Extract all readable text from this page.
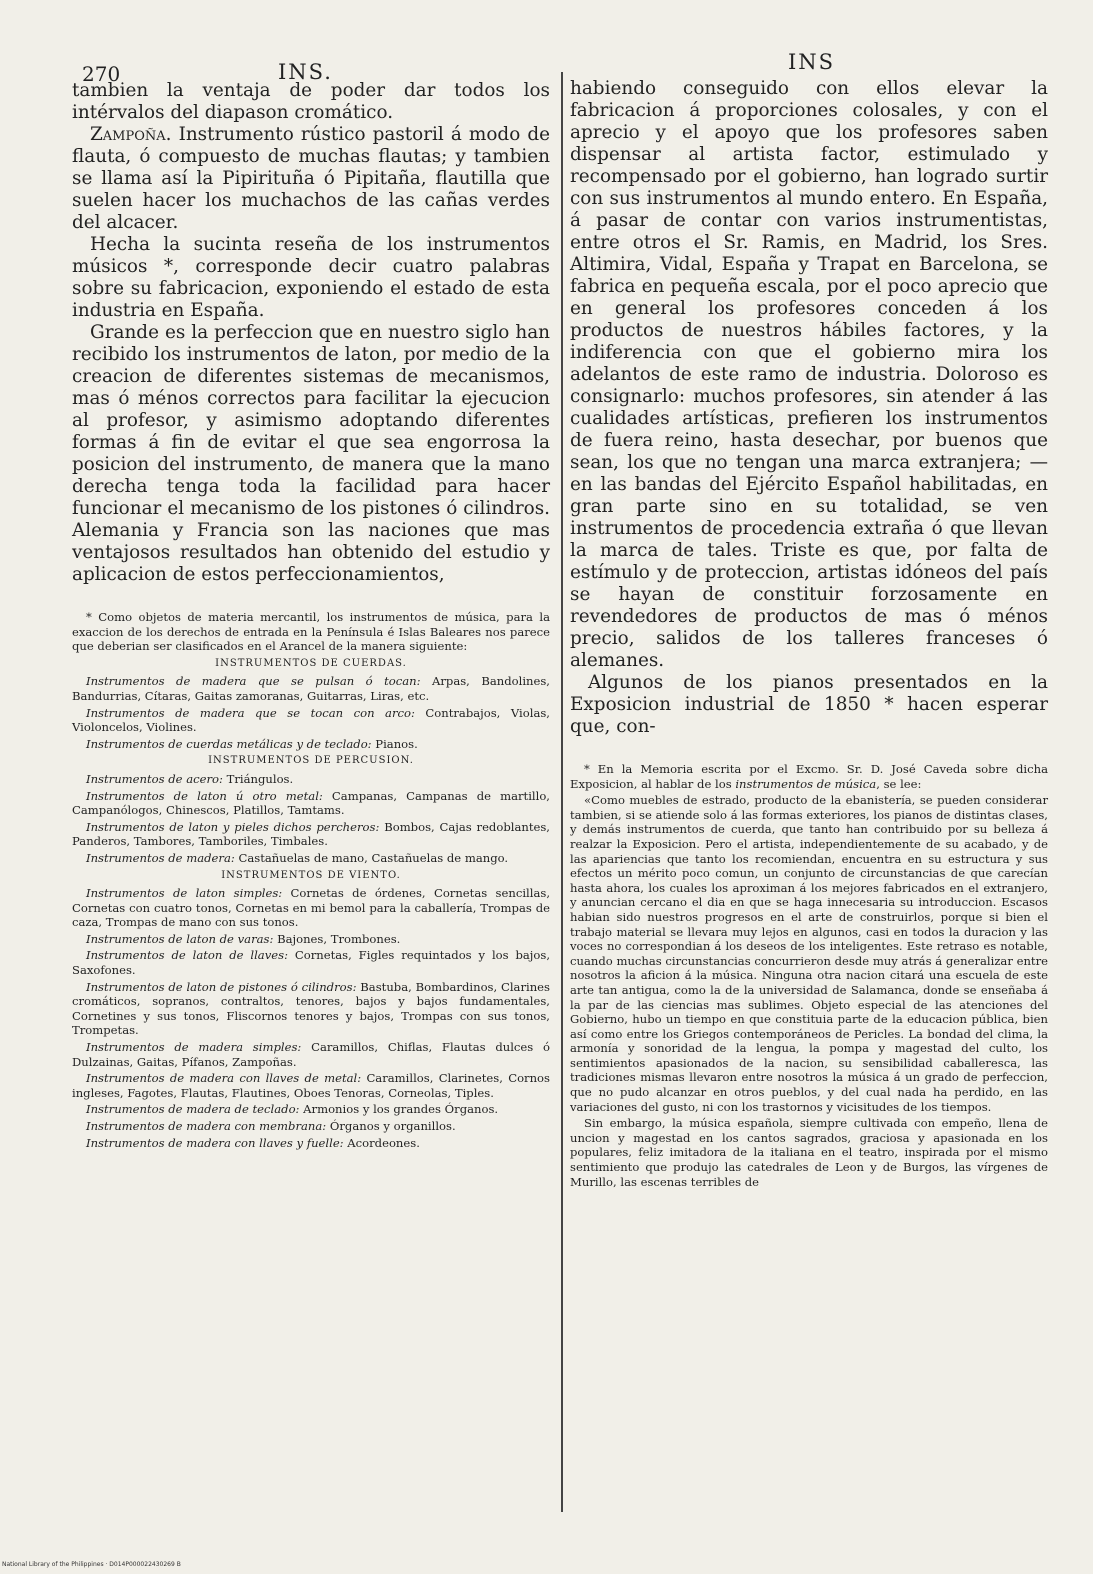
270	INS.	INS

tambien la ventaja de poder dar todos los intérvalos del diapason cromático.

Zampoña. Instrumento rústico pastoril á modo de flauta, ó compuesto de muchas flautas; y tambien se llama así la Pipirituña ó Pipitaña, flautilla que suelen hacer los muchachos de las cañas verdes del alcacer.

Hecha la sucinta reseña de los instrumentos músicos *, corresponde decir cuatro palabras sobre su fabricacion, exponiendo el estado de esta industria en España.

Grande es la perfeccion que en nuestro siglo han recibido los instrumentos de laton, por medio de la creacion de diferentes sistemas de mecanismos, mas ó ménos correctos para facilitar la ejecucion al profesor, y asimismo adoptando diferentes formas á fin de evitar el que sea engorrosa la posicion del instrumento, de manera que la mano derecha tenga toda la facilidad para hacer funcionar el mecanismo de los pistones ó cilindros. Alemania y Francia son las naciones que mas ventajosos resultados han obtenido del estudio y aplicacion de estos perfeccionamientos,

* Como objetos de materia mercantil, los instrumentos de música, para la exaccion de los derechos de entrada en la Península é Islas Baleares nos parece que deberian ser clasificados en el Arancel de la manera siguiente:

INSTRUMENTOS DE CUERDAS.

Instrumentos de madera que se pulsan ó tocan: Arpas, Bandolines, Bandurrias, Cítaras, Gaitas zamoranas, Guitarras, Liras, etc.

Instrumentos de madera que se tocan con arco: Contrabajos, Violas, Violoncelos, Violines.

Instrumentos de cuerdas metálicas y de teclado: Pianos.

INSTRUMENTOS DE PERCUSION.

Instrumentos de acero: Triángulos.

Instrumentos de laton ú otro metal: Campanas, Campanas de martillo, Campanólogos, Chinescos, Platillos, Tamtams.

Instrumentos de laton y pieles dichos percheros: Bombos, Cajas redoblantes, Panderos, Tambores, Tamboriles, Timbales.

Instrumentos de madera: Castañuelas de mano, Castañuelas de mango.

INSTRUMENTOS DE VIENTO.

Instrumentos de laton simples: Cornetas de órdenes, Cornetas sencillas, Cornetas con cuatro tonos, Cornetas en mi bemol para la caballería, Trompas de caza, Trompas de mano con sus tonos.

Instrumentos de laton de varas: Bajones, Trombones.

Instrumentos de laton de llaves: Cornetas, Figles requintados y los bajos, Saxofones.

Instrumentos de laton de pistones ó cilindros: Bastuba, Bombardinos, Clarines cromáticos, sopranos, contraltos, tenores, bajos y bajos fundamentales, Cornetines y sus tonos, Fliscornos tenores y bajos, Trompas con sus tonos, Trompetas.

Instrumentos de madera simples: Caramillos, Chiflas, Flautas dulces ó Dulzainas, Gaitas, Pífanos, Zampoñas.

Instrumentos de madera con llaves de metal: Caramillos, Clarinetes, Cornos ingleses, Fagotes, Flautas, Flautines, Oboes Tenoras, Corneolas, Tiples.

Instrumentos de madera de teclado: Armonios y los grandes Órganos.

Instrumentos de madera con membrana: Órganos y organillos.

Instrumentos de madera con llaves y fuelle: Acordeones.

habiendo conseguido con ellos elevar la fabricacion á proporciones colosales, y con el aprecio y el apoyo que los profesores saben dispensar al artista factor, estimulado y recompensado por el gobierno, han logrado surtir con sus instrumentos al mundo entero. En España, á pasar de contar con varios instrumentistas, entre otros el Sr. Ramis, en Madrid, los Sres. Altimira, Vidal, España y Trapat en Barcelona, se fabrica en pequeña escala, por el poco aprecio que en general los profesores conceden á los productos de nuestros hábiles factores, y la indiferencia con que el gobierno mira los adelantos de este ramo de industria. Doloroso es consignarlo: muchos profesores, sin atender á las cualidades artísticas, prefieren los instrumentos de fuera reino, hasta desechar, por buenos que sean, los que no tengan una marca extranjera; — en las bandas del Ejército Español habilitadas, en gran parte sino en su totalidad, se ven instrumentos de procedencia extraña ó que llevan la marca de tales. Triste es que, por falta de estímulo y de proteccion, artistas idóneos del país se hayan de constituir forzosamente en revendedores de productos de mas ó ménos precio, salidos de los talleres franceses ó alemanes.

Algunos de los pianos presentados en la Exposicion industrial de 1850 * hacen esperar que, con-

* En la Memoria escrita por el Excmo. Sr. D. José Caveda sobre dicha Exposicion, al hablar de los instrumentos de música, se lee:

«Como muebles de estrado, producto de la ebanistería, se pueden considerar tambien, si se atiende solo á las formas exteriores, los pianos de distintas clases, y demás instrumentos de cuerda, que tanto han contribuido por su belleza á realzar la Exposicion. Pero el artista, independientemente de su acabado, y de las apariencias que tanto los recomiendan, encuentra en su estructura y sus efectos un mérito poco comun, un conjunto de circunstancias de que carecían hasta ahora, los cuales los aproximan á los mejores fabricados en el extranjero, y anuncian cercano el dia en que se haga innecesaria su introduccion. Escasos habian sido nuestros progresos en el arte de construirlos, porque si bien el trabajo material se llevara muy lejos en algunos, casi en todos la duracion y las voces no correspondian á los deseos de los inteligentes. Este retraso es notable, cuando muchas circunstancias concurrieron desde muy atrás á generalizar entre nosotros la aficion á la música. Ninguna otra nacion citará una escuela de este arte tan antigua, como la de la universidad de Salamanca, donde se enseñaba á la par de las ciencias mas sublimes. Objeto especial de las atenciones del Gobierno, hubo un tiempo en que constituia parte de la educacion pública, bien así como entre los Griegos contemporáneos de Pericles. La bondad del clima, la armonía y sonoridad de la lengua, la pompa y magestad del culto, los sentimientos apasionados de la nacion, su sensibilidad caballeresca, las tradiciones mismas llevaron entre nosotros la música á un grado de perfeccion, que no pudo alcanzar en otros pueblos, y del cual nada ha perdido, en las variaciones del gusto, ni con los trastornos y vicisitudes de los tiempos.

Sin embargo, la música española, siempre cultivada con empeño, llena de uncion y magestad en los cantos sagrados, graciosa y apasionada en los populares, feliz imitadora de la italiana en el teatro, inspirada por el mismo sentimiento que produjo las catedrales de Leon y de Burgos, las vírgenes de Murillo, las escenas terribles de

National Library of the Philippines · D014P000022430269 B
